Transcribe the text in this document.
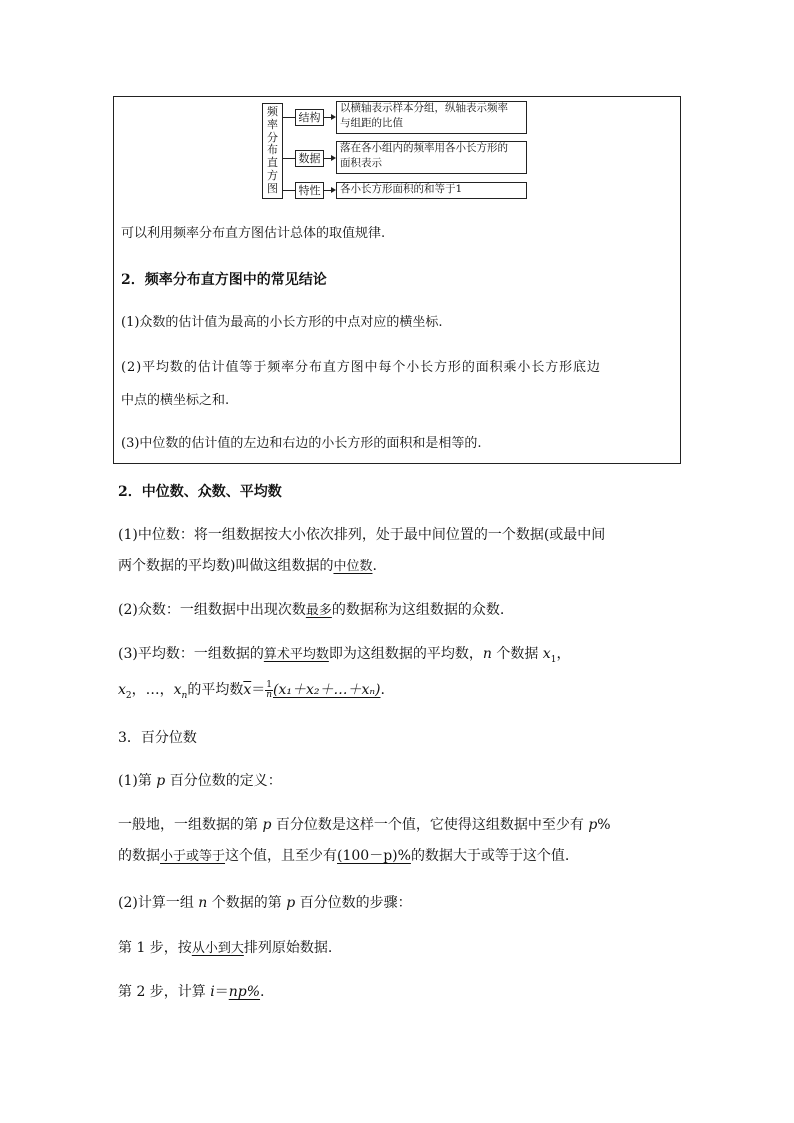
频率分布直方图
结构
以横轴表示样本分组，纵轴表示频率
与组距的比值
数据
落在各小组内的频率用各小长方形的
面积表示
特性	各小长方形面积的和等于1
可以利用频率分布直方图估计总体的取值规律.
2．频率分布直方图中的常见结论
(1)众数的估计值为最高的小长方形的中点对应的横坐标.
(2)平均数的估计值等于频率分布直方图中每个小长方形的面积乘小长方形底边
中点的横坐标之和.
(3)中位数的估计值的左边和右边的小长方形的面积和是相等的.
2．中位数、众数、平均数
(1)中位数：将一组数据按大小依次排列，处于最中间位置的一个数据(或最中间
两个数据的平均数)叫做这组数据的中位数.
(2)众数：一组数据中出现次数最多的数据称为这组数据的众数.
(3)平均数：一组数据的算术平均数即为这组数据的平均数，n 个数据 $x_1$，
$x_2$，…，$x_n$的平均数$\overline{x}= \frac{1}{n}$ (x₁＋x₂＋…＋xₙ).
3．百分位数
(1)第 p 百分位数的定义：
一般地，一组数据的第 p 百分位数是这样一个值，它使得这组数据中至少有 p%
的数据小于或等于这个值，且至少有(100－p)%的数据大于或等于这个值.
(2)计算一组 n 个数据的第 p 百分位数的步骤：
第 1 步，按从小到大排列原始数据.
第 2 步，计算 i＝np%.
